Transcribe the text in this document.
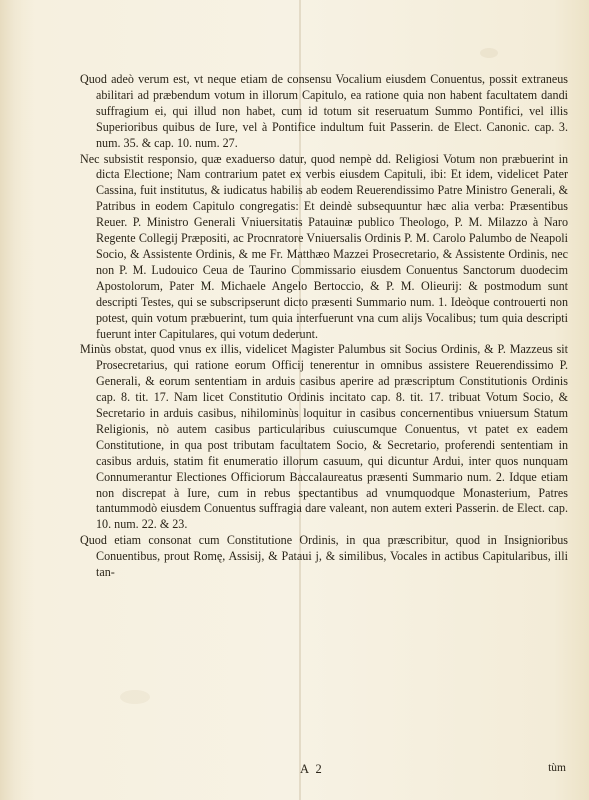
Quod adeò verum est, vt neque etiam de consensu Vocalium eiusdem Conuentus, possit extraneus abilitari ad præbendum votum in illorum Capitulo, ea ratione quia non habent facultatem dandi suffragium ei, qui illud non habet, cum id totum sit reseruatum Summo Pontifici, vel illis Superioribus quibus de Iure, vel à Pontifice indultum fuit Passerin. de Elect. Canonic. cap. 3. num. 35. & cap. 10. num. 27.

Nec subsistit responsio, quæ exaduerso datur, quod nempè dd. Religiosi Votum non præbuerint in dicta Electione; Nam contrarium patet ex verbis eiusdem Capituli, ibi: Et idem, videlicet Pater Cassina, fuit institutus, & iudicatus habilis ab eodem Reuerendissimo Patre Ministro Generali, & Patribus in eodem Capitulo congregatis: Et deindè subsequuntur hæc alia verba: Præsentibus Reuer. P. Ministro Generali Vniuersitatis Patauinæ publico Theologo, P. M. Milazzo à Naro Regente Collegij Præpositi, ac Procnratore Vniuersalis Ordinis P. M. Carolo Palumbo de Neapoli Socio, & Assistente Ordinis, & me Fr. Matthæo Mazzei Prosecretario, & Assistente Ordinis, nec non P. M. Ludouico Ceua de Taurino Commissario eiusdem Conuentus Sanctorum duodecim Apostolorum, Pater M. Michaele Angelo Bertoccio, & P. M. Olieurij: & postmodum sunt descripti Testes, qui se subscripserunt dicto præsenti Summario num. 1. Ideòque controuerti non potest, quin votum præbuerint, tum quia interfuerunt vna cum alijs Vocalibus; tum quia descripti fuerunt inter Capitulares, qui votum dederunt.

Minùs obstat, quod vnus ex illis, videlicet Magister Palumbus sit Socius Ordinis, & P. Mazzeus sit Prosecretarius, qui ratione eorum Officij tenerentur in omnibus assistere Reuerendissimo P. Generali, & eorum sententiam in arduis casibus aperire ad præscriptum Constitutionis Ordinis cap. 8. tit. 17. Nam licet Constitutio Ordinis incitato cap. 8. tit. 17. tribuat Votum Socio, & Secretario in arduis casibus, nihilominùs loquitur in casibus concernentibus vniuersum Statum Religionis, nò autem casibus particularibus cuiuscumque Conuentus, vt patet ex eadem Constitutione, in qua post tributam facultatem Socio, & Secretario, proferendi sententiam in casibus arduis, statim fit enumeratio illorum casuum, qui dicuntur Ardui, inter quos nunquam Connumerantur Electiones Officiorum Baccalaureatus præsenti Summario num. 2. Idque etiam non discrepat à Iure, cum in rebus spectantibus ad vnumquodque Monasterium, Patres tantummodò eiusdem Conuentus suffragia dare valeant, non autem exteri Passerin. de Elect. cap. 10. num. 22. & 23.

Quod etiam consonat cum Constitutione Ordinis, in qua præscribitur, quod in Insignioribus Conuentibus, prout Romę, Assisij, & Pataui j, & similibus, Vocales in actibus Capitularibus, illi tan-

A 2	tùm
